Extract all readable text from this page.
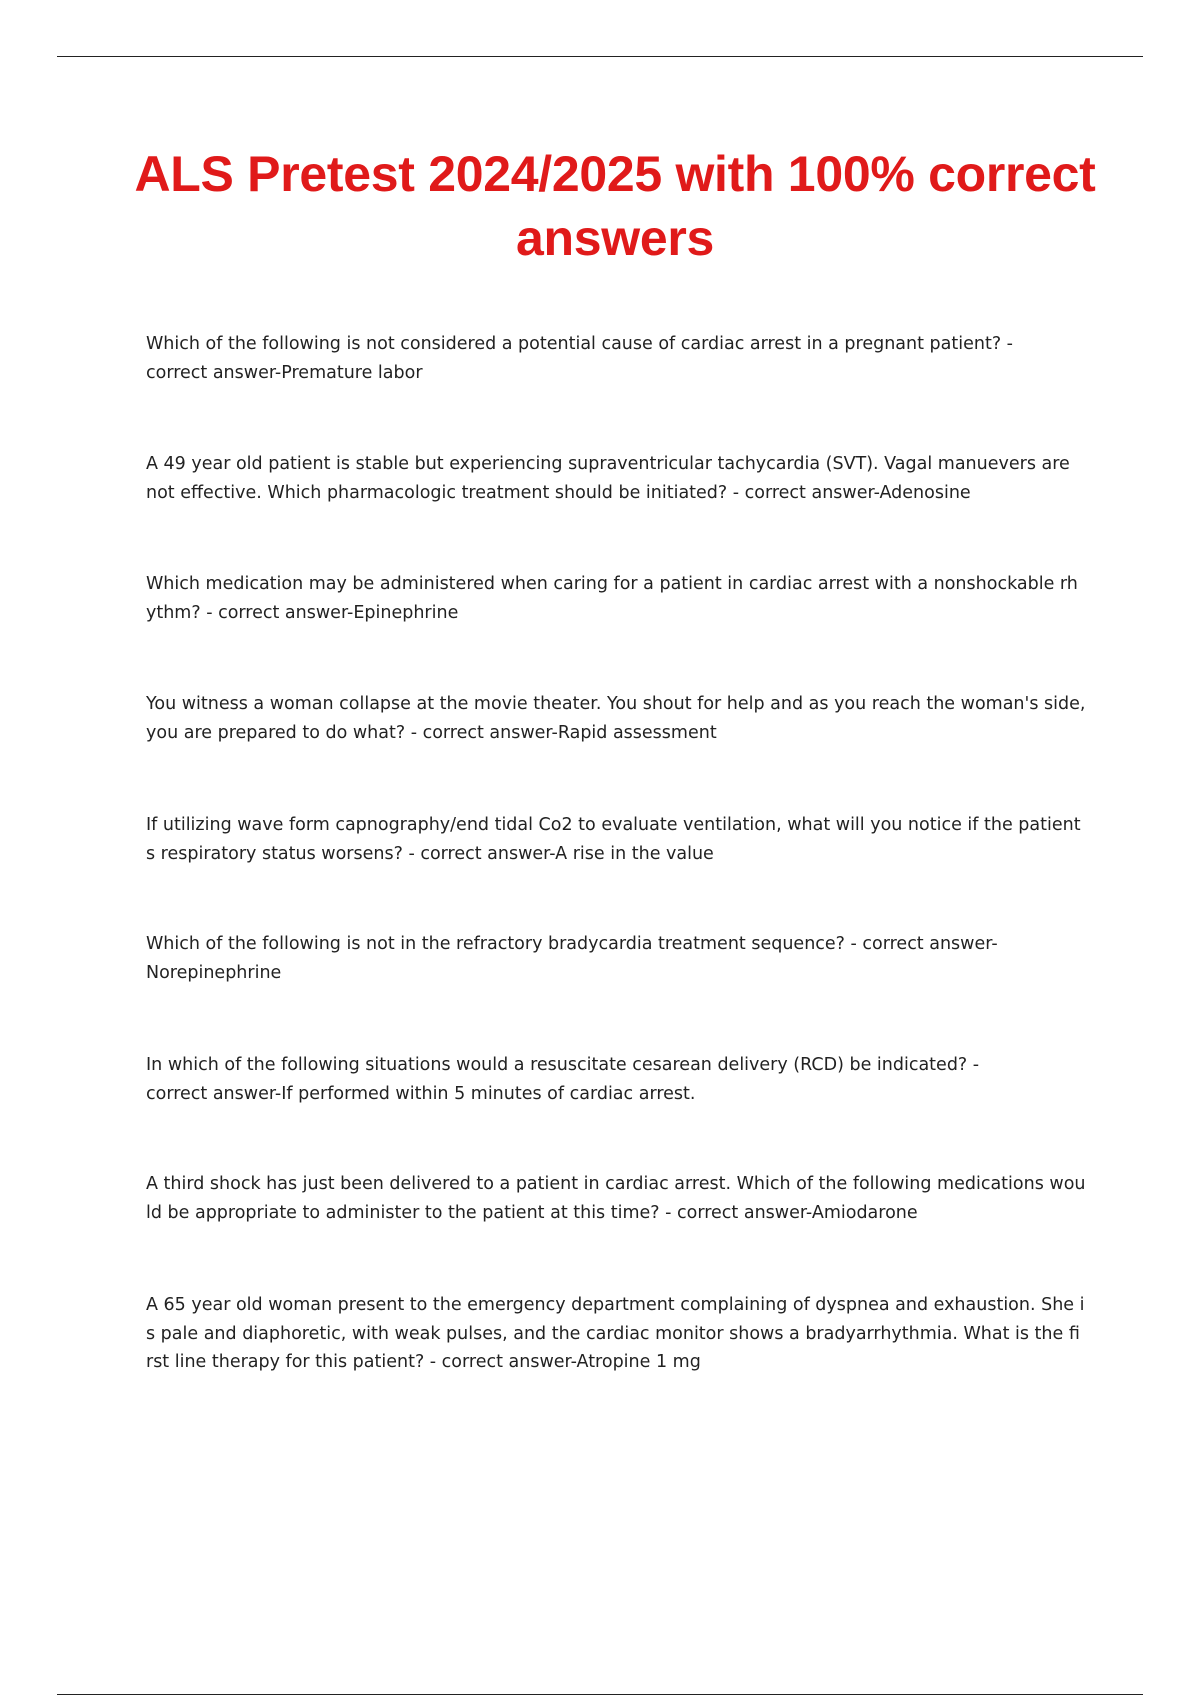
ALS Pretest 2024/2025 with 100% correct answers
Which of the following is not considered a potential cause of cardiac arrest in a pregnant patient? -
correct answer-Premature labor
A 49 year old patient is stable but experiencing supraventricular tachycardia (SVT). Vagal manuevers are not effective. Which pharmacologic treatment should be initiated? - correct answer-Adenosine
Which medication may be administered when caring for a patient in cardiac arrest with a nonshockable rhythm? - correct answer-Epinephrine
You witness a woman collapse at the movie theater. You shout for help and as you reach the woman's side, you are prepared to do what? - correct answer-Rapid assessment
If utilizing wave form capnography/end tidal Co2 to evaluate ventilation, what will you notice if the patients respiratory status worsens? - correct answer-A rise in the value
Which of the following is not in the refractory bradycardia treatment sequence? - correct answer-
Norepinephrine
In which of the following situations would a resuscitate cesarean delivery (RCD) be indicated? -
correct answer-If performed within 5 minutes of cardiac arrest.
A third shock has just been delivered to a patient in cardiac arrest. Which of the following medications would be appropriate to administer to the patient at this time? - correct answer-Amiodarone
A 65 year old woman present to the emergency department complaining of dyspnea and exhaustion. She is pale and diaphoretic, with weak pulses, and the cardiac monitor shows a bradyarrhythmia. What is the first line therapy for this patient? - correct answer-Atropine 1 mg
